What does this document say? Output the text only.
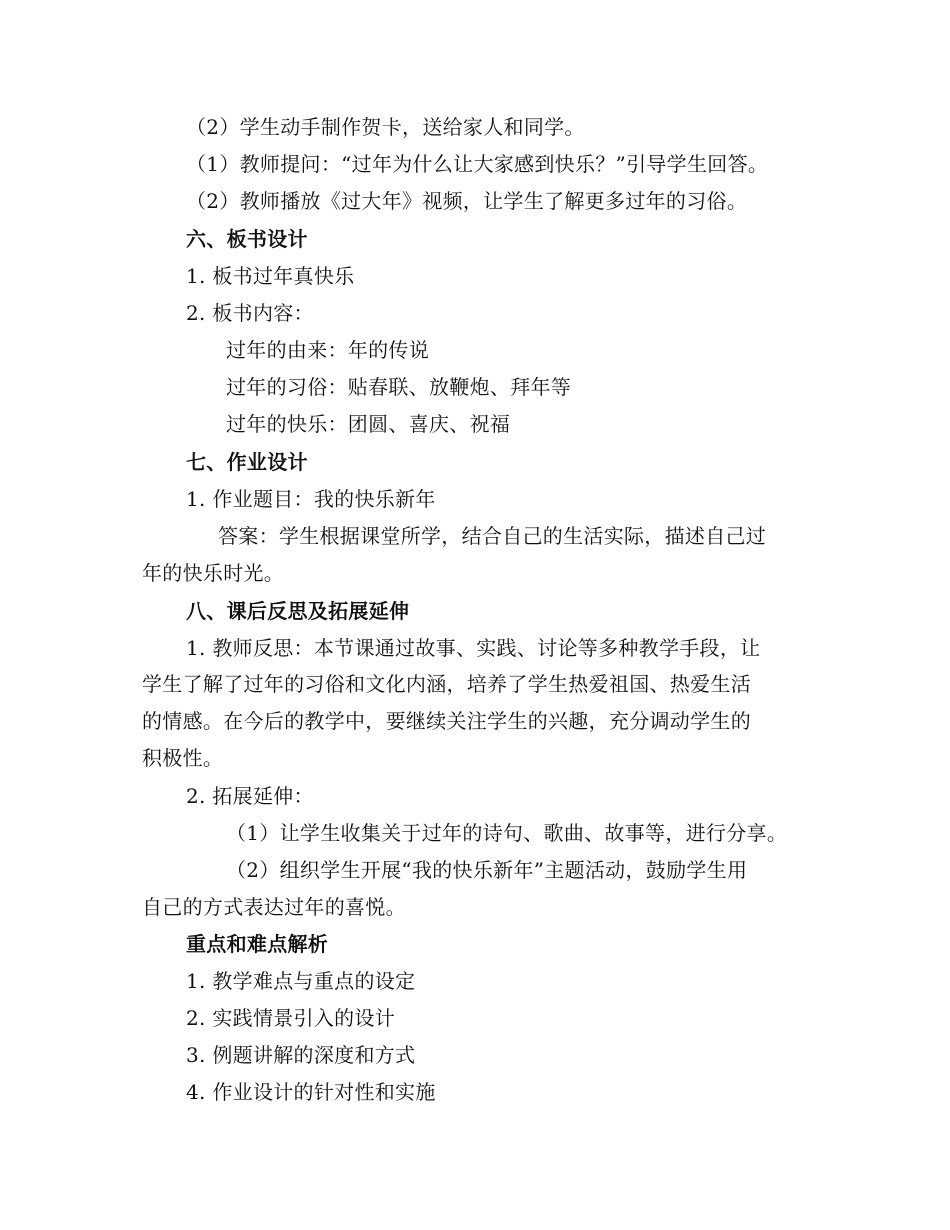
（2）学生动手制作贺卡，送给家人和同学。
（1）教师提问：“过年为什么让大家感到快乐？”引导学生回答。
（2）教师播放《过大年》视频，让学生了解更多过年的习俗。
六、板书设计
1. 板书过年真快乐
2. 板书内容：
过年的由来：年的传说
过年的习俗：贴春联、放鞭炮、拜年等
过年的快乐：团圆、喜庆、祝福
七、作业设计
1. 作业题目：我的快乐新年
答案：学生根据课堂所学，结合自己的生活实际，描述自己过
年的快乐时光。
八、课后反思及拓展延伸
1. 教师反思：本节课通过故事、实践、讨论等多种教学手段，让
学生了解了过年的习俗和文化内涵，培养了学生热爱祖国、热爱生活
的情感。在今后的教学中，要继续关注学生的兴趣，充分调动学生的
积极性。
2. 拓展延伸：
（1）让学生收集关于过年的诗句、歌曲、故事等，进行分享。
（2）组织学生开展“我的快乐新年”主题活动，鼓励学生用
自己的方式表达过年的喜悦。
重点和难点解析
1. 教学难点与重点的设定
2. 实践情景引入的设计
3. 例题讲解的深度和方式
4. 作业设计的针对性和实施
